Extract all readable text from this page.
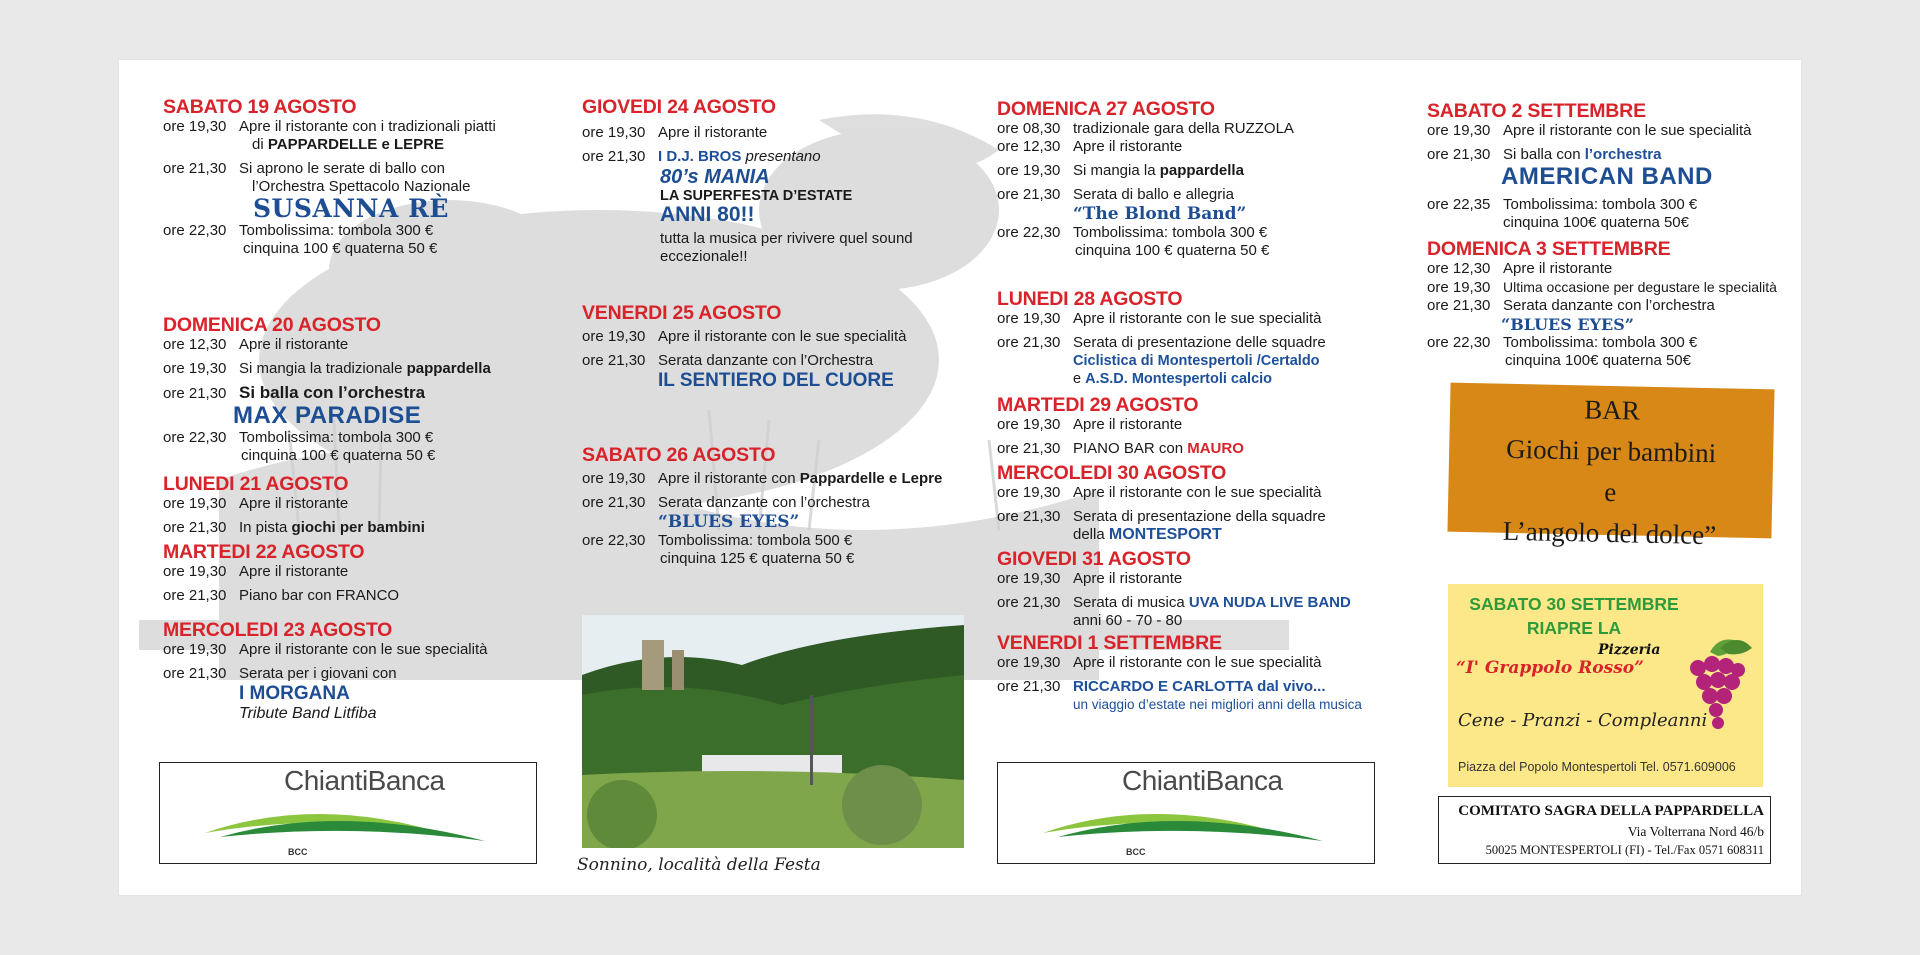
SABATO 19 AGOSTO
ore 19,30 Apre il ristorante con i tradizionali piatti
di PAPPARDELLE e LEPRE
ore 21,30 Si aprono le serate di ballo con
l’Orchestra Spettacolo Nazionale
SUSANNA RÈ
ore 22,30 Tombolissima: tombola 300 €
cinquina 100 € quaterna 50 €
DOMENICA 20 AGOSTO
ore 12,30 Apre il ristorante
ore 19,30 Si mangia la tradizionale pappardella
ore 21,30 Si balla con l’orchestra
MAX PARADISE
ore 22,30 Tombolissima: tombola 300 €
cinquina 100 € quaterna 50 €
LUNEDI 21 AGOSTO
ore 19,30 Apre il ristorante
ore 21,30 In pista giochi per bambini
MARTEDI 22 AGOSTO
ore 19,30 Apre il ristorante
ore 21,30 Piano bar con FRANCO
MERCOLEDI 23 AGOSTO
ore 19,30 Apre il ristorante con le sue specialità
ore 21,30 Serata per i giovani con
I MORGANA
Tribute Band Litfiba
ChiantiBanca
BCC
GIOVEDI 24 AGOSTO
ore 19,30 Apre il ristorante
ore 21,30 I D.J. BROS presentano
80’s MANIA
LA SUPERFESTA D’ESTATE
ANNI 80!!
tutta la musica per rivivere quel sound
eccezionale!!
VENERDI 25 AGOSTO
ore 19,30 Apre il ristorante con le sue specialità
ore 21,30 Serata danzante con l’Orchestra
IL SENTIERO DEL CUORE
SABATO 26 AGOSTO
ore 19,30 Apre il ristorante con Pappardelle e Lepre
ore 21,30 Serata danzante con l’orchestra
“BLUES EYES”
ore 22,30 Tombolissima: tombola 500 €
cinquina 125 € quaterna 50 €
Sonnino, località della Festa
DOMENICA 27 AGOSTO
ore 08,30 tradizionale gara della RUZZOLA
ore 12,30 Apre il ristorante
ore 19,30 Si mangia la pappardella
ore 21,30 Serata di ballo e allegria
“The Blond Band”
ore 22,30 Tombolissima: tombola 300 €
cinquina 100 € quaterna 50 €
LUNEDI 28 AGOSTO
ore 19,30 Apre il ristorante con le sue specialità
ore 21,30 Serata di presentazione delle squadre
Ciclistica di Montespertoli /Certaldo
e A.S.D. Montespertoli calcio
MARTEDI 29 AGOSTO
ore 19,30 Apre il ristorante
ore 21,30 PIANO BAR con MAURO
MERCOLEDI 30 AGOSTO
ore 19,30 Apre il ristorante con le sue specialità
ore 21,30 Serata di presentazione della squadre
della MONTESPORT
GIOVEDI 31 AGOSTO
ore 19,30 Apre il ristorante
ore 21,30 Serata di musica UVA NUDA LIVE BAND
anni 60 - 70 - 80
VENERDI 1 SETTEMBRE
ore 19,30 Apre il ristorante con le sue specialità
ore 21,30 RICCARDO E CARLOTTA dal vivo...
un viaggio d’estate nei migliori anni della musica
ChiantiBanca
BCC
SABATO 2 SETTEMBRE
ore 19,30 Apre il ristorante con le sue specialità
ore 21,30 Si balla con l’orchestra
AMERICAN BAND
ore 22,35 Tombolissima: tombola 300 €
cinquina 100€ quaterna 50€
DOMENICA 3 SETTEMBRE
ore 12,30 Apre il ristorante
ore 19,30 Ultima occasione per degustare le specialità
ore 21,30 Serata danzante con l’orchestra
“BLUES EYES”
ore 22,30 Tombolissima: tombola 300 €
cinquina 100€ quaterna 50€
BAR
Giochi per bambini
e
L’angolo del dolce”
SABATO 30 SETTEMBRE
RIAPRE LA
Pizzeria
“I' Grappolo Rosso”
Cene - Pranzi - Compleanni
Piazza del Popolo Montespertoli Tel. 0571.609006
COMITATO SAGRA DELLA PAPPARDELLA
Via Volterrana Nord 46/b
50025 MONTESPERTOLI (FI) - Tel./Fax 0571 608311
